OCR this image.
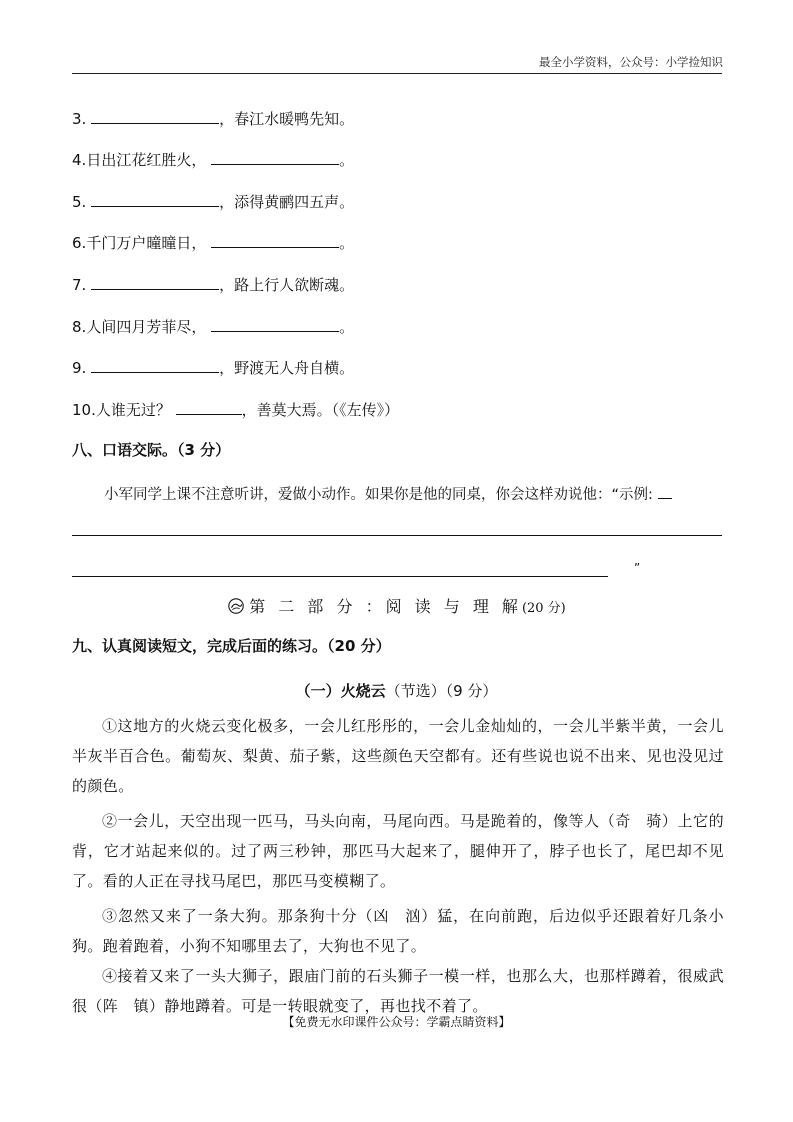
最全小学资料，公众号：小学捡知识
3.	，春江水暖鸭先知。
4.日出江花红胜火，	。
5.	，添得黄鹂四五声。
6.千门万户曈曈日，	。
7.	，路上行人欲断魂。
8.人间四月芳菲尽，	。
9.	，野渡无人舟自横。
10.人谁无过？	，善莫大焉。（《左传》）
八、口语交际。（3 分）
小军同学上课不注意听讲，爱做小动作。如果你是他的同桌，你会这样劝说他：“示例:
”
第 二 部 分 ：阅 读 与 理 解(20 分)
九、认真阅读短文，完成后面的练习。（20 分）
（一）火烧云（节选）（9 分）
①这地方的火烧云变化极多，一会儿红彤彤的，一会儿金灿灿的，一会儿半紫半黄，一会儿半灰半百合色。葡萄灰、梨黄、茄子紫，这些颜色天空都有。还有些说也说不出来、见也没见过的颜色。
②一会儿，天空出现一匹马，马头向南，马尾向西。马是跪着的，像等人（奇　骑）上它的背，它才站起来似的。过了两三秒钟，那匹马大起来了，腿伸开了，脖子也长了，尾巴却不见了。看的人正在寻找马尾巴，那匹马变模糊了。
③忽然又来了一条大狗。那条狗十分（凶　汹）猛，在向前跑，后边似乎还跟着好几条小狗。跑着跑着，小狗不知哪里去了，大狗也不见了。
④接着又来了一头大狮子，跟庙门前的石头狮子一模一样，也那么大，也那样蹲着，很威武很（阵　镇）静地蹲着。可是一转眼就变了，再也找不着了。
【免费无水印课件公众号：学霸点睛资料】
